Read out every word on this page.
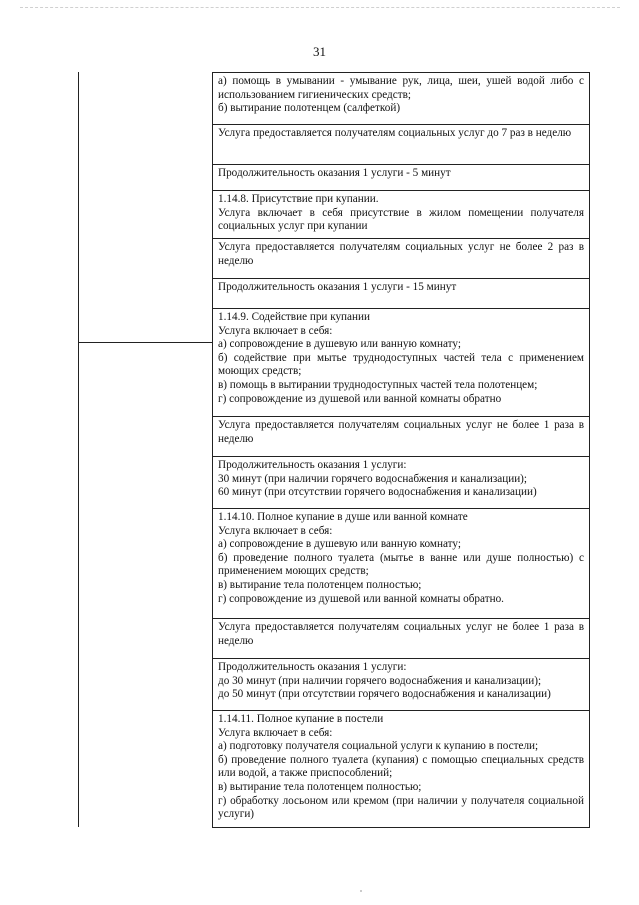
31

а) помощь в умывании - умывание рук, лица, шеи, ушей водой либо с использованием гигиенических средств;

б) вытирание полотенцем (салфеткой)

Услуга предоставляется получателям социальных услуг до 7 раз в неделю

Продолжительность оказания 1 услуги - 5 минут

1.14.8. Присутствие при купании.

Услуга включает в себя присутствие в жилом помещении получателя социальных услуг при купании

Услуга предоставляется получателям социальных услуг не более 2 раз в неделю

Продолжительность оказания 1 услуги - 15 минут

1.14.9. Содействие при купании

Услуга включает в себя:

а) сопровождение в душевую или ванную комнату;

б) содействие при мытье труднодоступных частей тела с применением моющих средств;

в) помощь в вытирании труднодоступных частей тела полотенцем;

г) сопровождение из душевой или ванной комнаты обратно

Услуга предоставляется получателям социальных услуг не более 1 раза в неделю

Продолжительность оказания 1 услуги:

30 минут (при наличии горячего водоснабжения и канализации);

60 минут (при отсутствии горячего водоснабжения и канализации)

1.14.10. Полное купание в душе или ванной комнате

Услуга включает в себя:

а) сопровождение в душевую или ванную комнату;

б) проведение полного туалета (мытье в ванне или душе полностью) с применением моющих средств;

в) вытирание тела полотенцем полностью;

г) сопровождение из душевой или ванной комнаты обратно.

Услуга предоставляется получателям социальных услуг не более 1 раза в неделю

Продолжительность оказания 1 услуги:

до 30 минут (при наличии горячего водоснабжения и канализации);

до 50 минут (при отсутствии горячего водоснабжения и канализации)

1.14.11. Полное купание в постели

Услуга включает в себя:

а) подготовку получателя социальной услуги к купанию в постели;

б) проведение полного туалета (купания) с помощью специальных средств или водой, а также приспособлений;

в) вытирание тела полотенцем полностью;

г) обработку лосьоном или кремом (при наличии у получателя социальной услуги)
